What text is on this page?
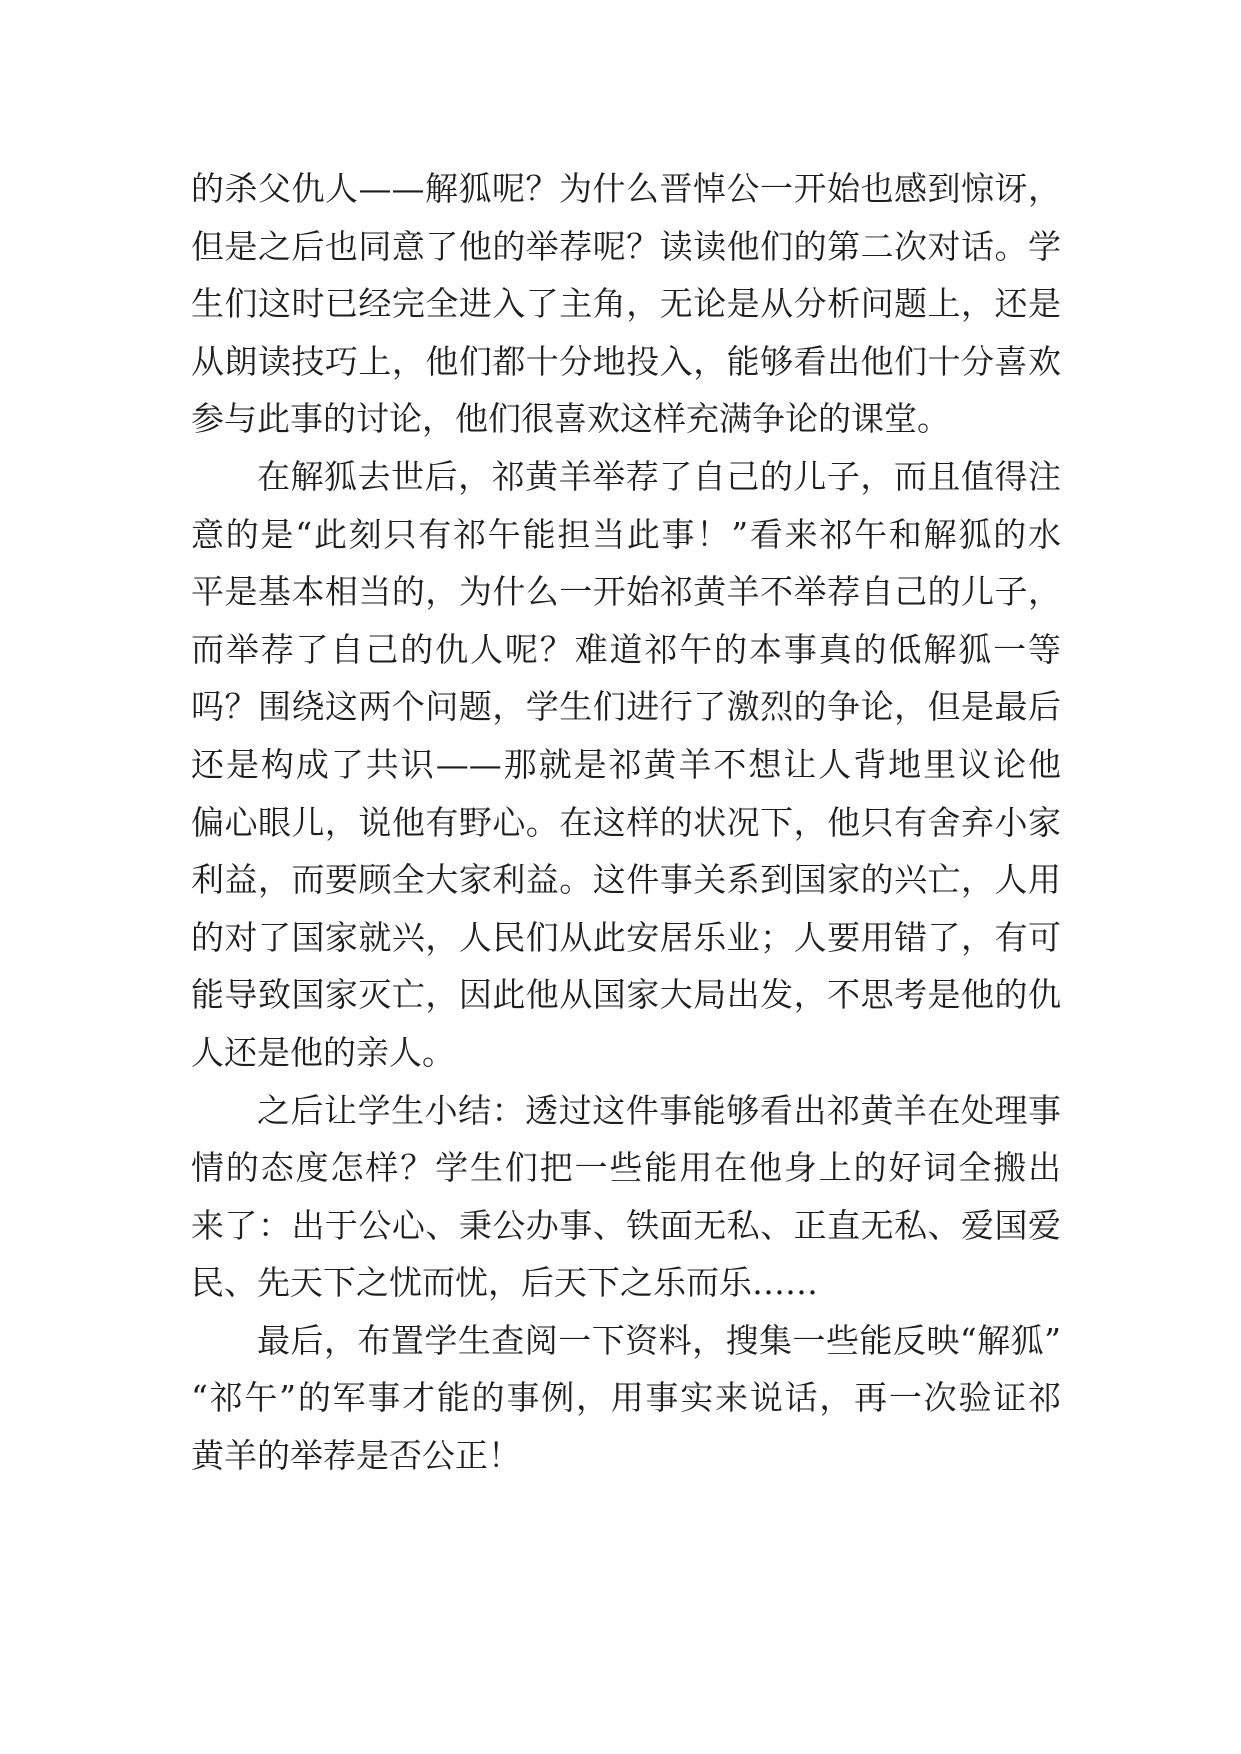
的杀父仇人——解狐呢？为什么晋悼公一开始也感到惊讶，
但是之后也同意了他的举荐呢？读读他们的第二次对话。学
生们这时已经完全进入了主角，无论是从分析问题上，还是
从朗读技巧上，他们都十分地投入，能够看出他们十分喜欢
参与此事的讨论，他们很喜欢这样充满争论的课堂。
在解狐去世后，祁黄羊举荐了自己的儿子，而且值得注
意的是“此刻只有祁午能担当此事！”看来祁午和解狐的水
平是基本相当的，为什么一开始祁黄羊不举荐自己的儿子，
而举荐了自己的仇人呢？难道祁午的本事真的低解狐一等
吗？围绕这两个问题，学生们进行了激烈的争论，但是最后
还是构成了共识——那就是祁黄羊不想让人背地里议论他
偏心眼儿，说他有野心。在这样的状况下，他只有舍弃小家
利益，而要顾全大家利益。这件事关系到国家的兴亡，人用
的对了国家就兴，人民们从此安居乐业；人要用错了，有可
能导致国家灭亡，因此他从国家大局出发，不思考是他的仇
人还是他的亲人。
之后让学生小结：透过这件事能够看出祁黄羊在处理事
情的态度怎样？学生们把一些能用在他身上的好词全搬出
来了：出于公心、秉公办事、铁面无私、正直无私、爱国爱
民、先天下之忧而忧，后天下之乐而乐……
最后，布置学生查阅一下资料，搜集一些能反映“解狐”
“祁午”的军事才能的事例，用事实来说话，再一次验证祁
黄羊的举荐是否公正！
